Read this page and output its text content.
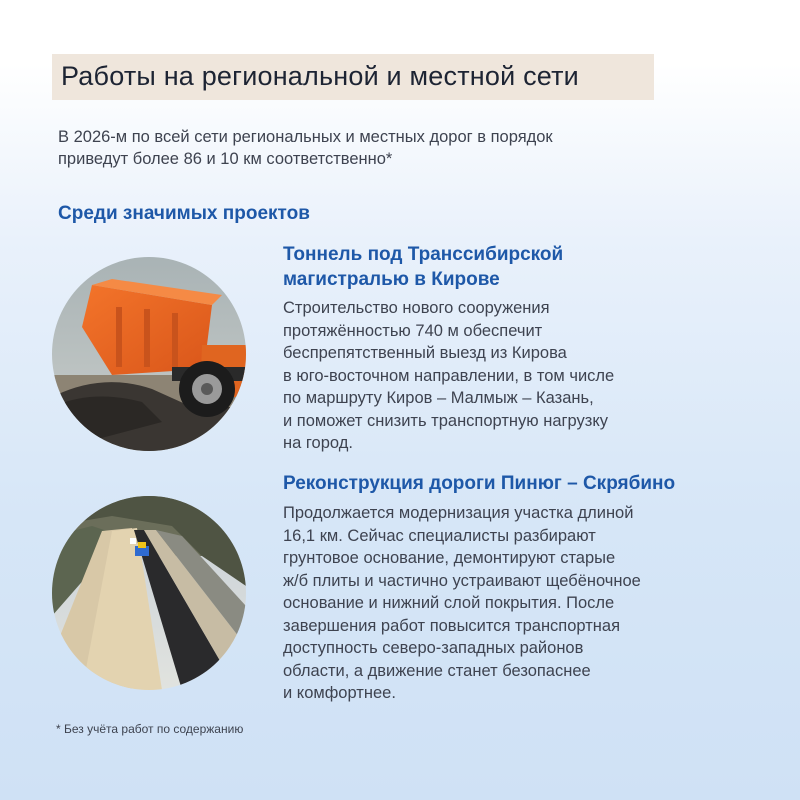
Работы на региональной и местной сети
В 2026-м по всей сети региональных и местных дорог в порядок
приведут более 86 и 10 км соответственно*
Среди значимых проектов
Тоннель под Транссибирской
магистралью в Кирове
Строительство нового сооружения
протяжённостью 740 м обеспечит
беспрепятственный выезд из Кирова
в юго-восточном направлении, в том числе
по маршруту Киров – Малмыж – Казань,
и поможет снизить транспортную нагрузку
на город.
Реконструкция дороги Пинюг – Скрябино
Продолжается модернизация участка длиной
16,1 км. Сейчас специалисты разбирают
грунтовое основание, демонтируют старые
ж/б плиты и частично устраивают щебёночное
основание и нижний слой покрытия. После
завершения работ повысится транспортная
доступность северо-западных районов
области, а движение станет безопаснее
и комфортнее.
* Без учёта работ по содержанию
